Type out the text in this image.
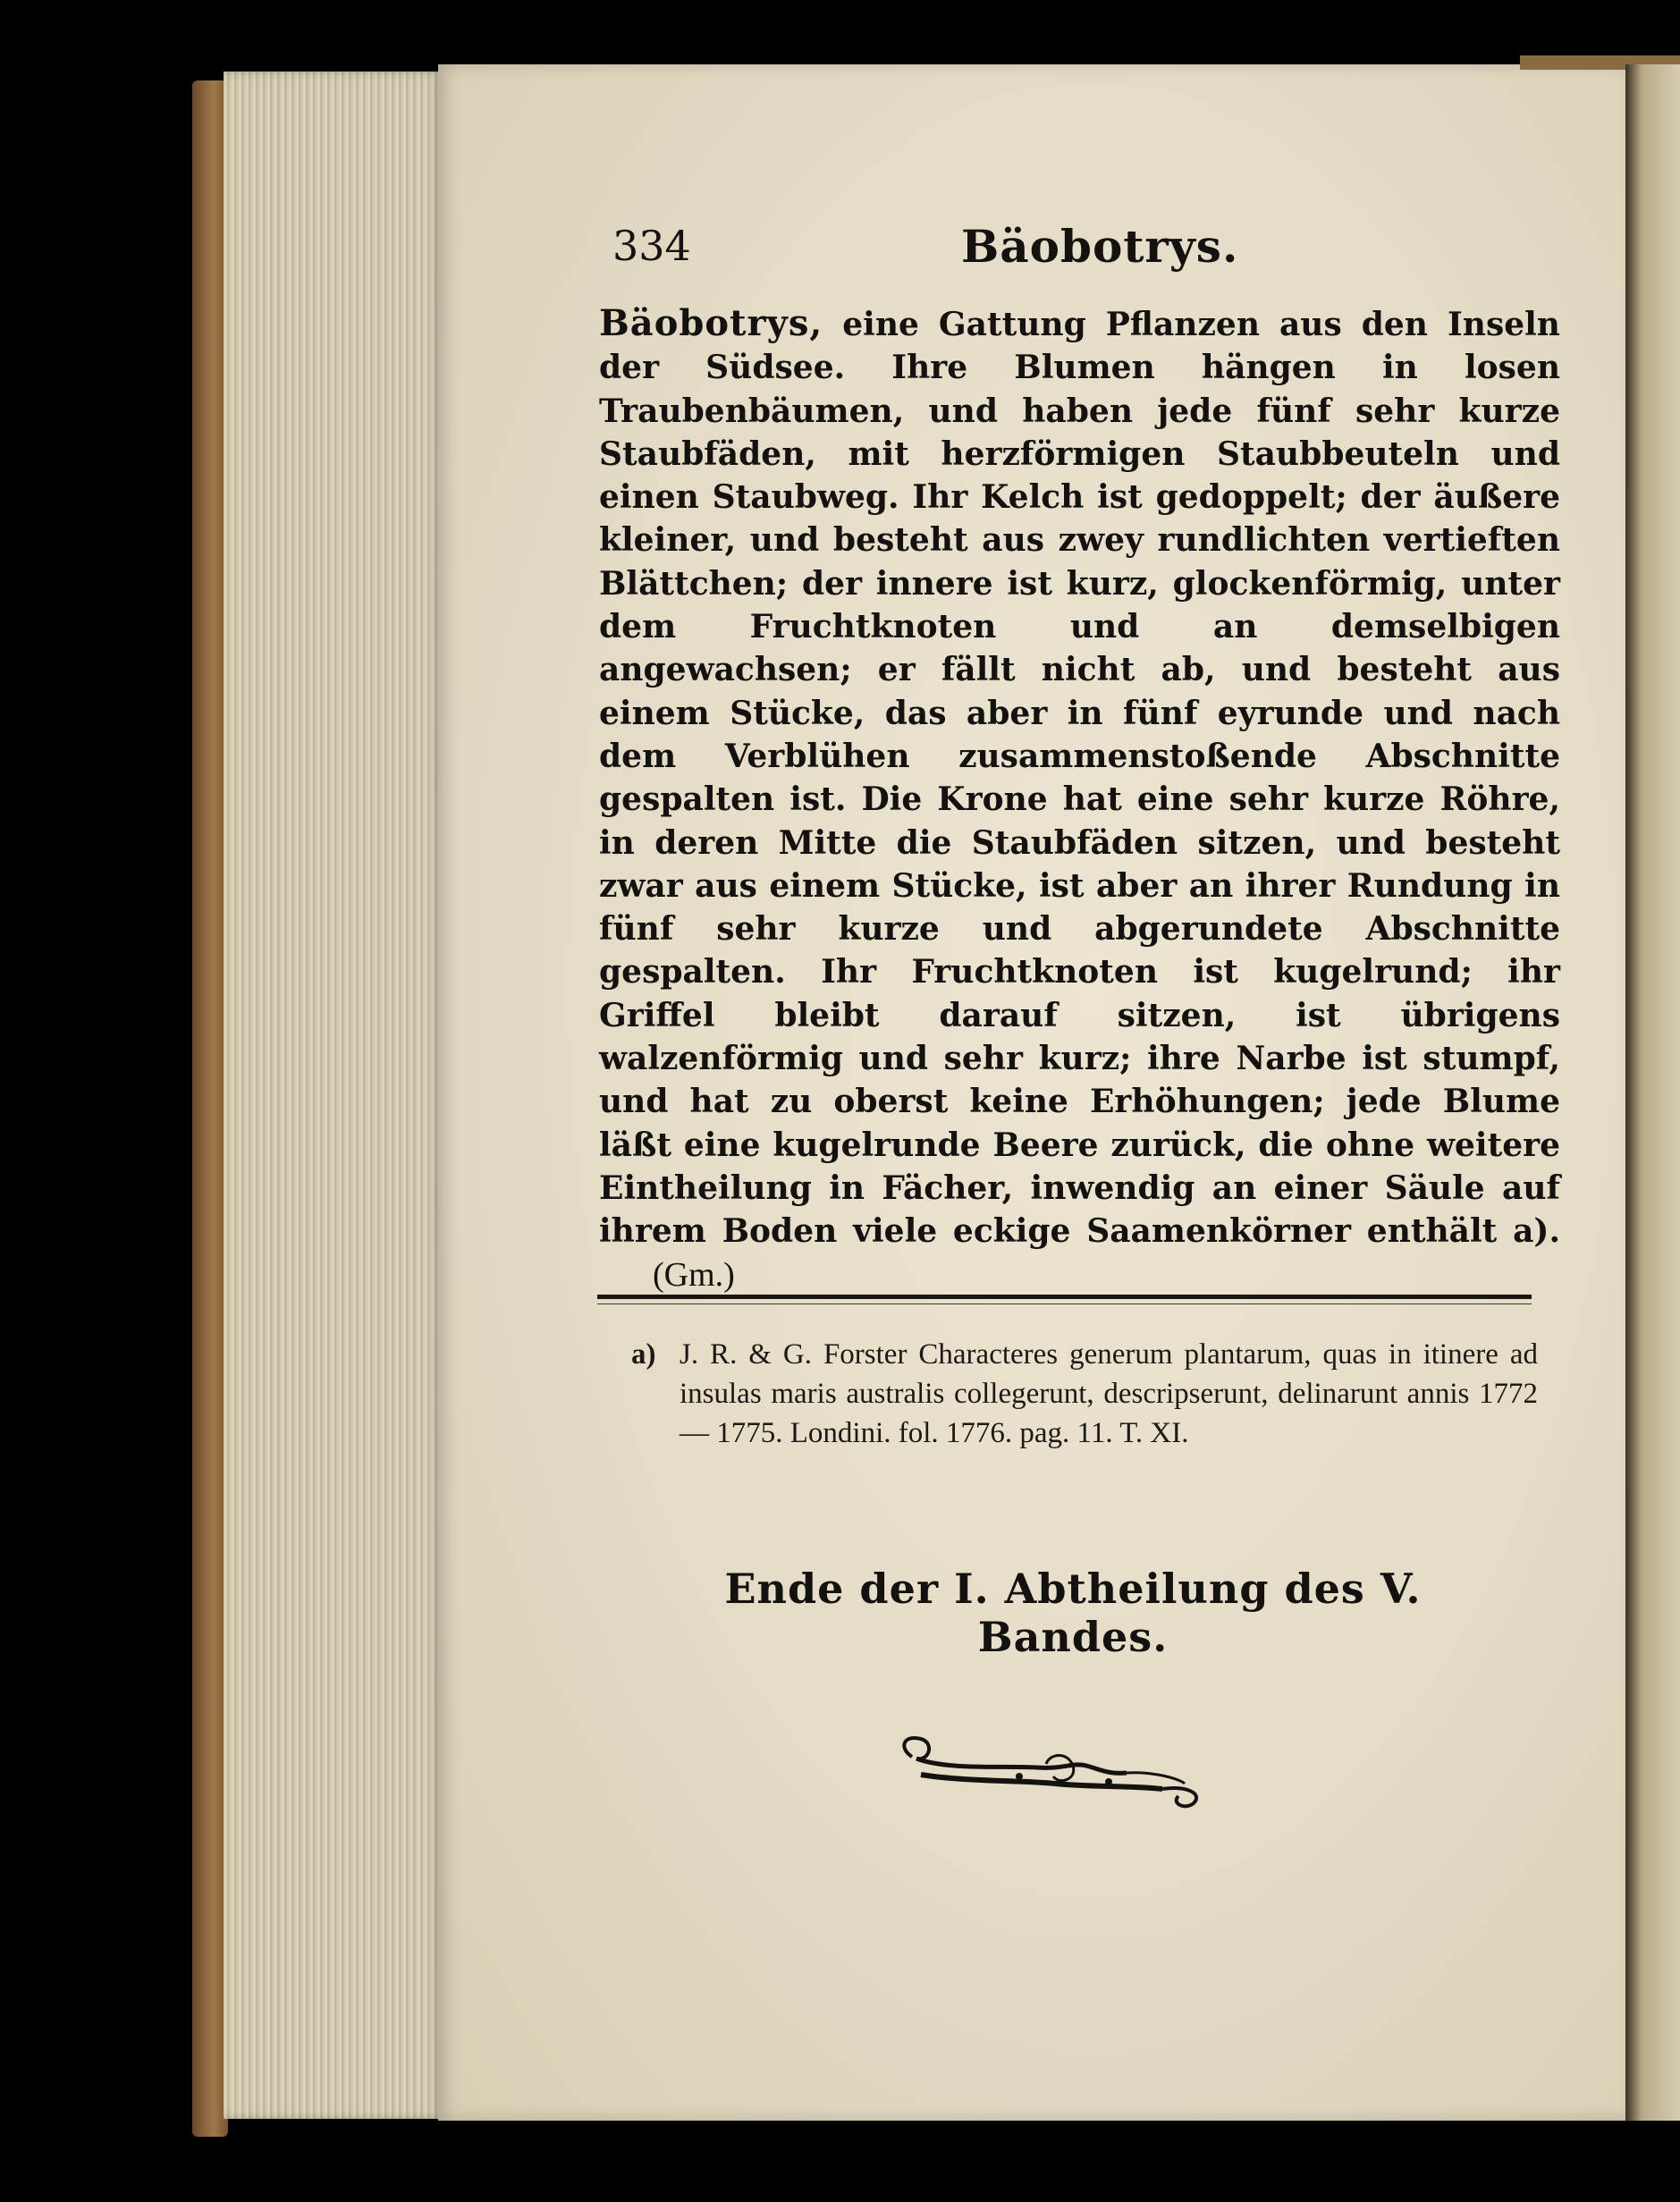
334	Bäobotrys.

Bäobotrys, eine Gattung Pflanzen aus den Inseln der Südsee. Ihre Blumen hängen in losen Traubenbäumen, und haben jede fünf sehr kurze Staubfäden, mit herzförmigen Staubbeuteln und einen Staubweg. Ihr Kelch ist gedoppelt; der äußere kleiner, und besteht aus zwey rundlichten vertieften Blättchen; der innere ist kurz, glockenförmig, unter dem Fruchtknoten und an demselbigen angewachsen; er fällt nicht ab, und besteht aus einem Stücke, das aber in fünf eyrunde und nach dem Verblühen zusammenstoßende Abschnitte gespalten ist. Die Krone hat eine sehr kurze Röhre, in deren Mitte die Staubfäden sitzen, und besteht zwar aus einem Stücke, ist aber an ihrer Rundung in fünf sehr kurze und abgerundete Abschnitte gespalten. Ihr Fruchtknoten ist kugelrund; ihr Griffel bleibt darauf sitzen, ist übrigens walzenförmig und sehr kurz; ihre Narbe ist stumpf, und hat zu oberst keine Erhöhungen; jede Blume läßt eine kugelrunde Beere zurück, die ohne weitere Eintheilung in Fächer, inwendig an einer Säule auf ihrem Boden viele eckige Saamenkörner enthält a). (Gm.)

a) J. R. & G. Forster Characteres generum plantarum, quas in itinere ad insulas maris australis collegerunt, descripserunt, delinarunt annis 1772 — 1775. Londini. fol. 1776. pag. 11. T. XI.
Ende der I. Abtheilung des V. Bandes.
